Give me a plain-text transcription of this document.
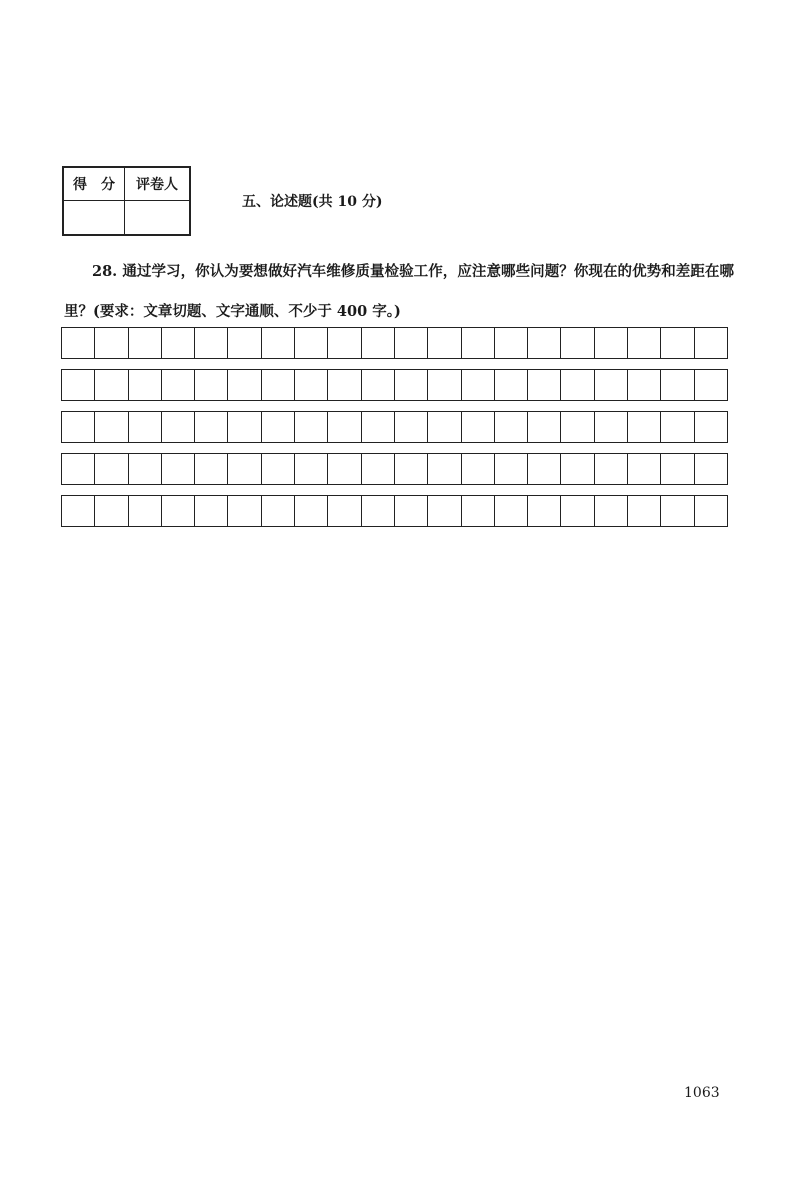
得　分	评卷人

五、论述题(共 10 分)
28. 通过学习，你认为要想做好汽车维修质量检验工作，应注意哪些问题？你现在的优势和差距在哪里？(要求：文章切题、文字通顺、不少于 400 字。)
1063
